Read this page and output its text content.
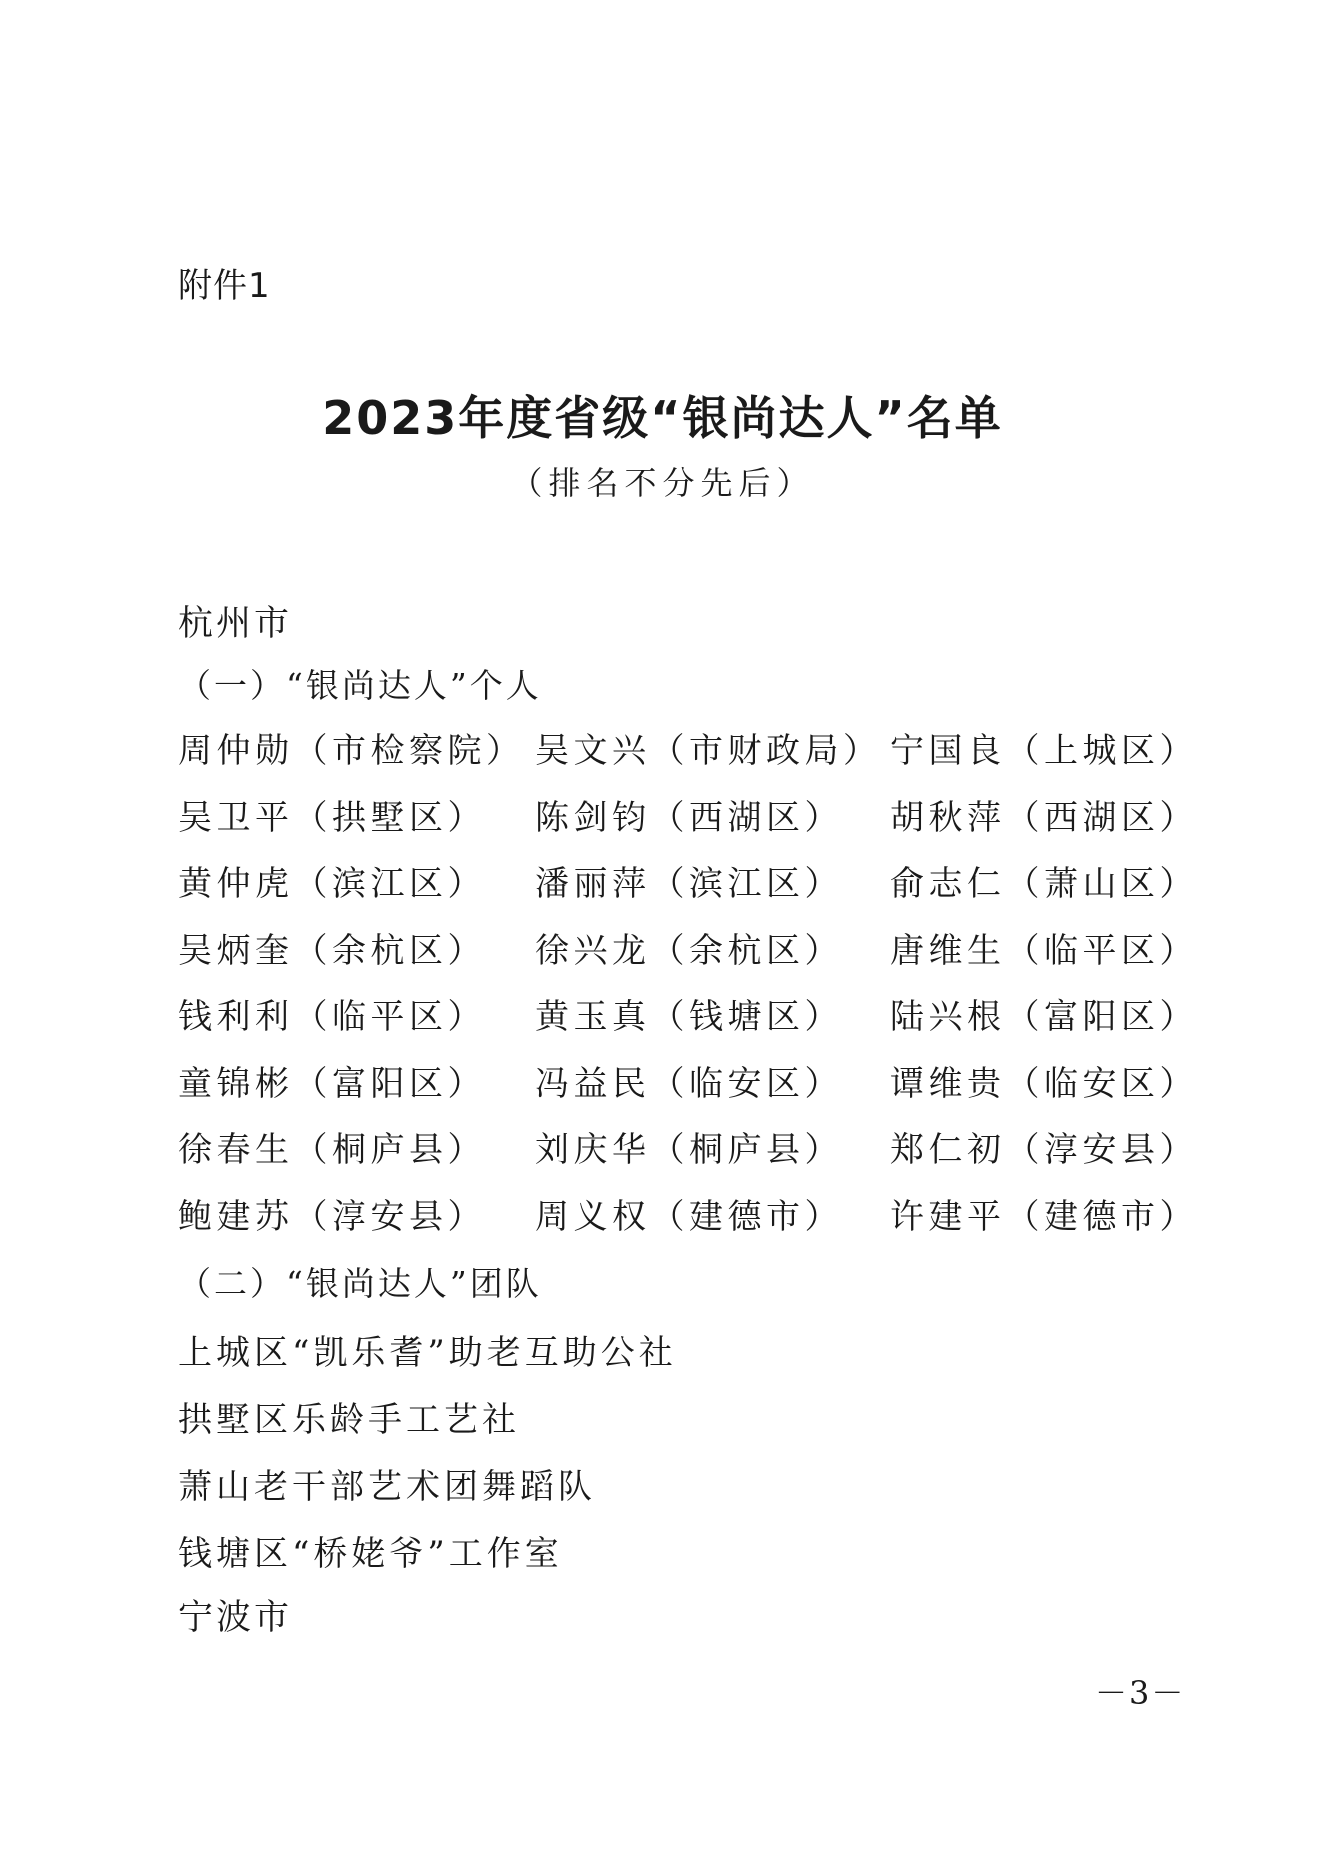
附件1
2023年度省级“银尚达人”名单
（排名不分先后）
杭州市
（一）“银尚达人”个人
周仲勋（市检察院） 吴文兴（市财政局） 宁国良（上城区）
吴卫平（拱墅区） 陈剑钧（西湖区） 胡秋萍（西湖区）
黄仲虎（滨江区） 潘丽萍（滨江区） 俞志仁（萧山区）
吴炳奎（余杭区） 徐兴龙（余杭区） 唐维生（临平区）
钱利利（临平区） 黄玉真（钱塘区） 陆兴根（富阳区）
童锦彬（富阳区） 冯益民（临安区） 谭维贵（临安区）
徐春生（桐庐县） 刘庆华（桐庐县） 郑仁初（淳安县）
鲍建苏（淳安县） 周义权（建德市） 许建平（建德市）
（二）“银尚达人”团队
上城区“凯乐耆”助老互助公社
拱墅区乐龄手工艺社
萧山老干部艺术团舞蹈队
钱塘区“桥姥爷”工作室
宁波市
－3－
